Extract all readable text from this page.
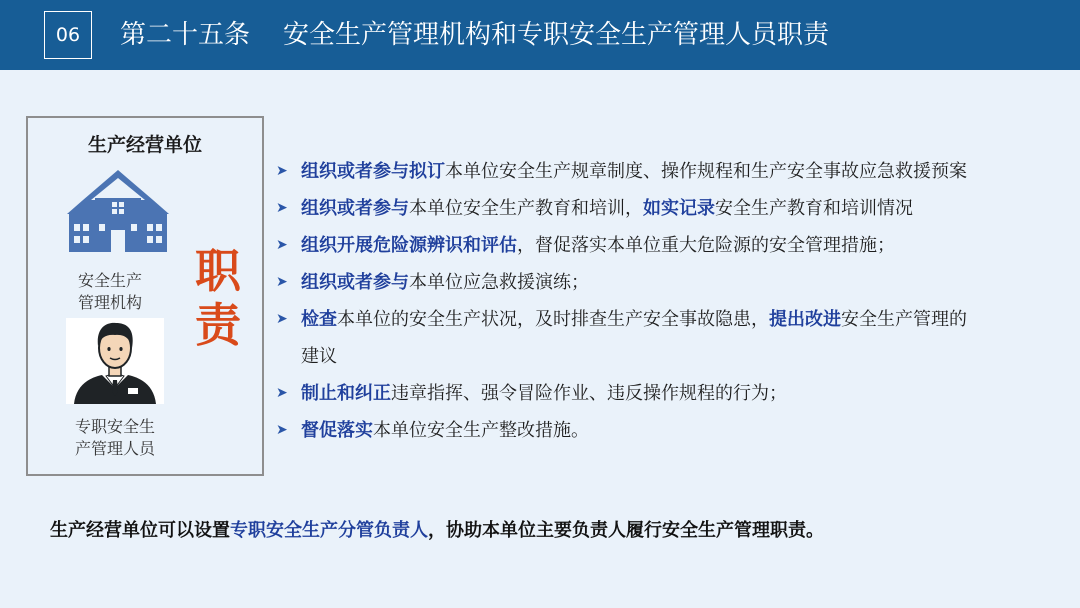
06	第二十五条    安全生产管理机构和专职安全生产管理人员职责
生产经营单位
安全生产
管理机构
专职安全生
产管理人员
职
责
➤ 组织或者参与拟订本单位安全生产规章制度、操作规程和生产安全事故应急救援预案
➤ 组织或者参与本单位安全生产教育和培训，如实记录安全生产教育和培训情况
➤ 组织开展危险源辨识和评估，督促落实本单位重大危险源的安全管理措施；
➤ 组织或者参与本单位应急救援演练；
➤ 检查本单位的安全生产状况，及时排查生产安全事故隐患，提出改进安全生产管理的
建议
➤ 制止和纠正违章指挥、强令冒险作业、违反操作规程的行为；
➤ 督促落实本单位安全生产整改措施。
生产经营单位可以设置专职安全生产分管负责人，协助本单位主要负责人履行安全生产管理职责。
